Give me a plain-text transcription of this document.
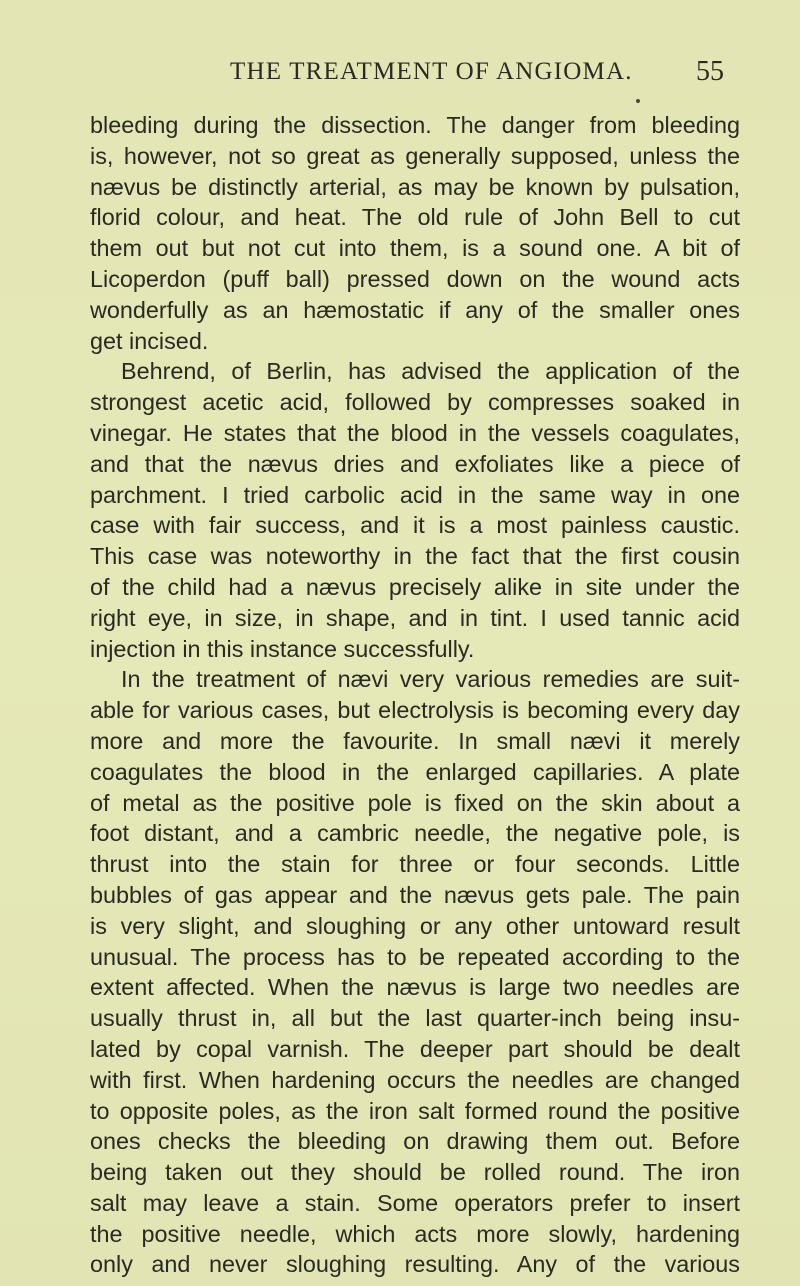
THE TREATMENT OF ANGIOMA. 55
bleeding during the dissection. The danger from bleeding
is, however, not so great as generally supposed, unless the
nævus be distinctly arterial, as may be known by pulsation,
florid colour, and heat. The old rule of John Bell to cut
them out but not cut into them, is a sound one. A bit of
Licoperdon (puff ball) pressed down on the wound acts
wonderfully as an hæmostatic if any of the smaller ones
get incised.
Behrend, of Berlin, has advised the application of the
strongest acetic acid, followed by compresses soaked in
vinegar. He states that the blood in the vessels coagulates,
and that the nævus dries and exfoliates like a piece of
parchment. I tried carbolic acid in the same way in one
case with fair success, and it is a most painless caustic.
This case was noteworthy in the fact that the first cousin
of the child had a nævus precisely alike in site under the
right eye, in size, in shape, and in tint. I used tannic acid
injection in this instance successfully.
In the treatment of nævi very various remedies are suit-
able for various cases, but electrolysis is becoming every day
more and more the favourite. In small nævi it merely
coagulates the blood in the enlarged capillaries. A plate
of metal as the positive pole is fixed on the skin about a
foot distant, and a cambric needle, the negative pole, is
thrust into the stain for three or four seconds. Little
bubbles of gas appear and the nævus gets pale. The pain
is very slight, and sloughing or any other untoward result
unusual. The process has to be repeated according to the
extent affected. When the nævus is large two needles are
usually thrust in, all but the last quarter-inch being insu-
lated by copal varnish. The deeper part should be dealt
with first. When hardening occurs the needles are changed
to opposite poles, as the iron salt formed round the positive
ones checks the bleeding on drawing them out. Before
being taken out they should be rolled round. The iron
salt may leave a stain. Some operators prefer to insert
the positive needle, which acts more slowly, hardening
only and never sloughing resulting. Any of the various
